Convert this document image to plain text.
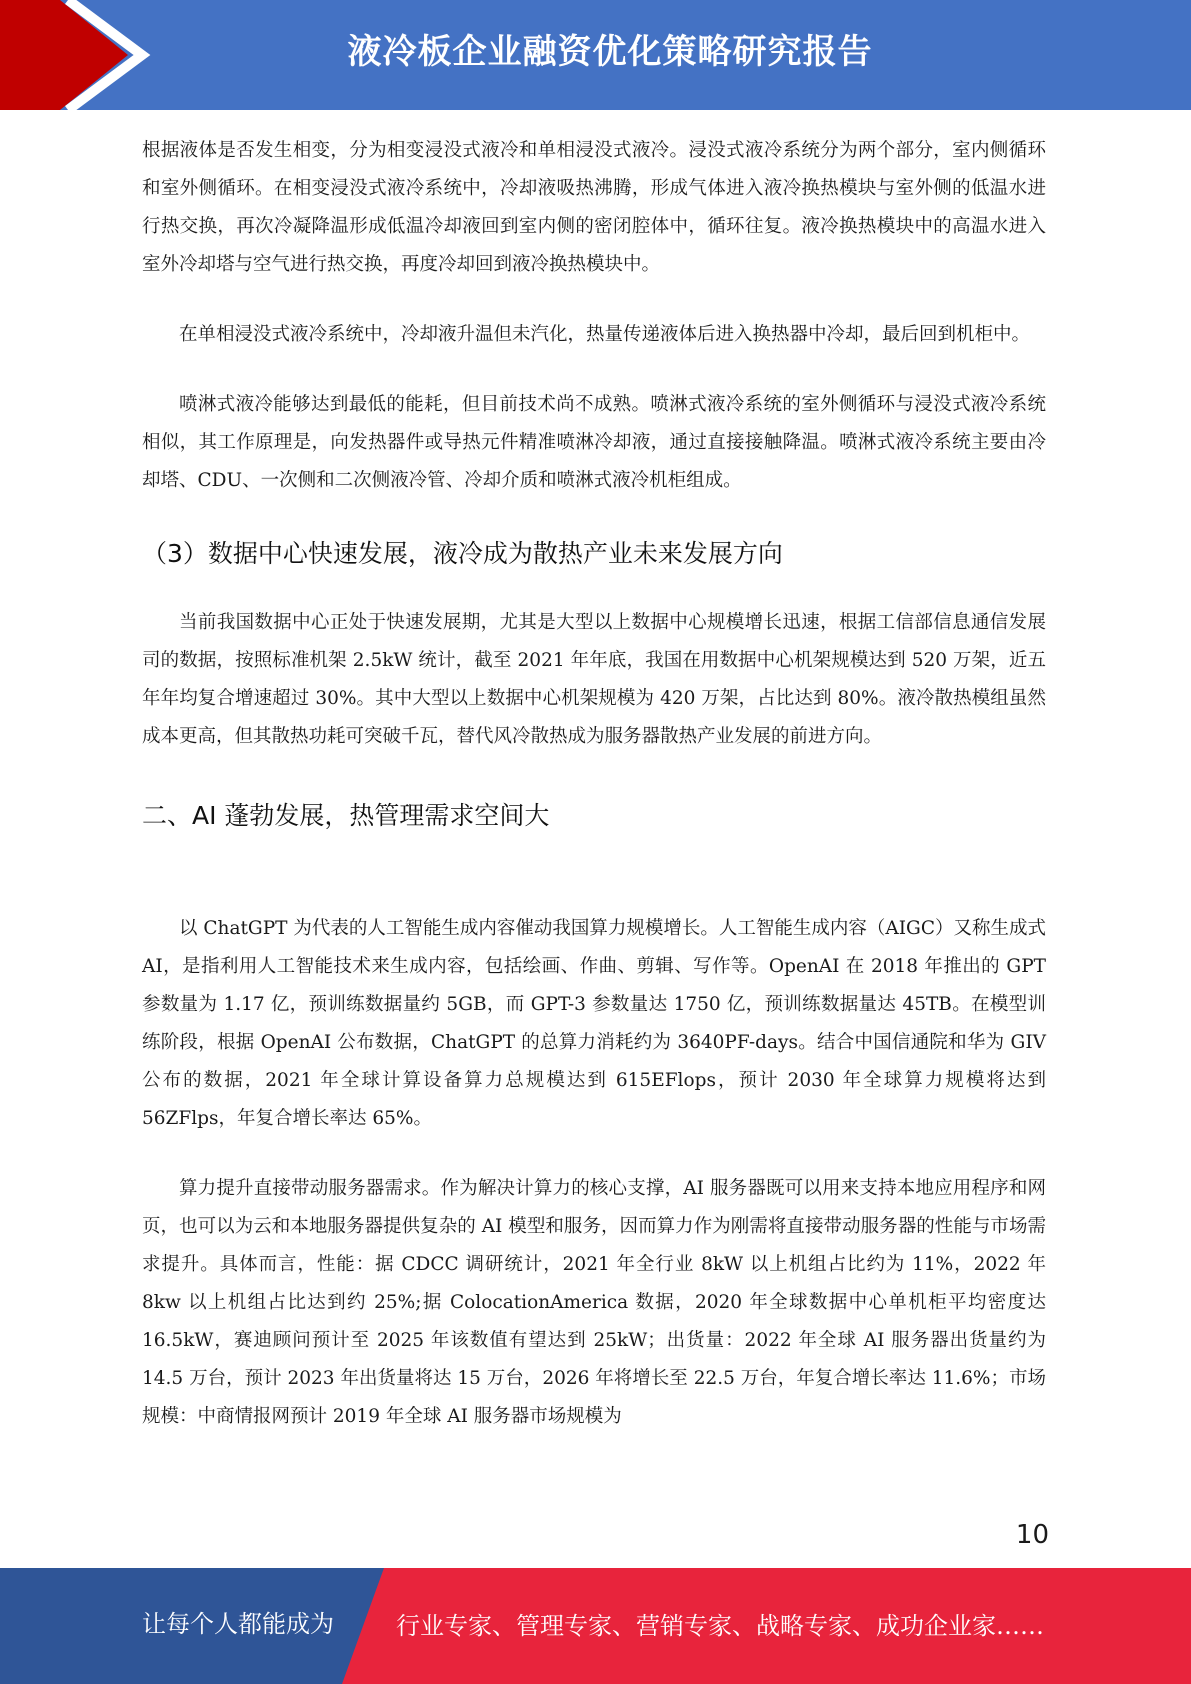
液冷板企业融资优化策略研究报告

根据液体是否发生相变，分为相变浸没式液冷和单相浸没式液冷。浸没式液冷系统分为两个部分，室内侧循环和室外侧循环。在相变浸没式液冷系统中，冷却液吸热沸腾，形成气体进入液冷换热模块与室外侧的低温水进行热交换，再次冷凝降温形成低温冷却液回到室内侧的密闭腔体中，循环往复。液冷换热模块中的高温水进入室外冷却塔与空气进行热交换，再度冷却回到液冷换热模块中。

在单相浸没式液冷系统中，冷却液升温但未汽化，热量传递液体后进入换热器中冷却，最后回到机柜中。

喷淋式液冷能够达到最低的能耗，但目前技术尚不成熟。喷淋式液冷系统的室外侧循环与浸没式液冷系统相似，其工作原理是，向发热器件或导热元件精准喷淋冷却液，通过直接接触降温。喷淋式液冷系统主要由冷却塔、CDU、一次侧和二次侧液冷管、冷却介质和喷淋式液冷机柜组成。

（3）数据中心快速发展，液冷成为散热产业未来发展方向

当前我国数据中心正处于快速发展期，尤其是大型以上数据中心规模增长迅速，根据工信部信息通信发展司的数据，按照标准机架 2.5kW 统计，截至 2021 年年底，我国在用数据中心机架规模达到 520 万架，近五年年均复合增速超过 30%。其中大型以上数据中心机架规模为 420 万架，占比达到 80%。液冷散热模组虽然成本更高，但其散热功耗可突破千瓦，替代风冷散热成为服务器散热产业发展的前进方向。

二、AI 蓬勃发展，热管理需求空间大

以 ChatGPT 为代表的人工智能生成内容催动我国算力规模增长。人工智能生成内容（AIGC）又称生成式 AI，是指利用人工智能技术来生成内容，包括绘画、作曲、剪辑、写作等。OpenAI 在 2018 年推出的 GPT 参数量为 1.17 亿，预训练数据量约 5GB，而 GPT-3 参数量达 1750 亿，预训练数据量达 45TB。在模型训练阶段，根据 OpenAI 公布数据，ChatGPT 的总算力消耗约为 3640PF-days。结合中国信通院和华为 GIV 公布的数据，2021 年全球计算设备算力总规模达到 615EFlops，预计 2030 年全球算力规模将达到 56ZFlps，年复合增长率达 65%。

算力提升直接带动服务器需求。作为解决计算力的核心支撑，AI 服务器既可以用来支持本地应用程序和网页，也可以为云和本地服务器提供复杂的 AI 模型和服务，因而算力作为刚需将直接带动服务器的性能与市场需求提升。具体而言，性能：据 CDCC 调研统计，2021 年全行业 8kW 以上机组占比约为 11%，2022 年 8kw 以上机组占比达到约 25%;据 ColocationAmerica 数据，2020 年全球数据中心单机柜平均密度达 16.5kW，赛迪顾问预计至 2025 年该数值有望达到 25kW；出货量：2022 年全球 AI 服务器出货量约为 14.5 万台，预计 2023 年出货量将达 15 万台，2026 年将增长至 22.5 万台，年复合增长率达 11.6%；市场规模：中商情报网预计 2019 年全球 AI 服务器市场规模为

10
让每个人都能成为	行业专家、管理专家、营销专家、战略专家、成功企业家……
